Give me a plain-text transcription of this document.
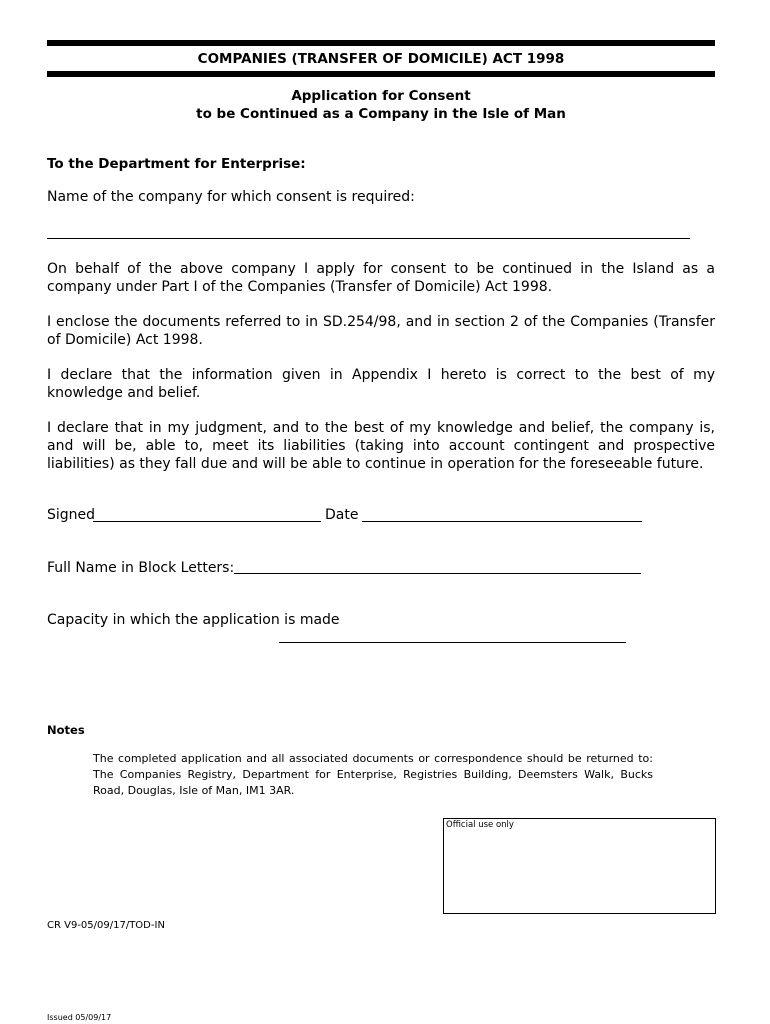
COMPANIES (TRANSFER OF DOMICILE) ACT 1998
Application for Consent
to be Continued as a Company in the Isle of Man
To the Department for Enterprise:
Name of the company for which consent is required:
On behalf of the above company I apply for consent to be continued in the Island as a company under Part I of the Companies (Transfer of Domicile) Act 1998.
I enclose the documents referred to in SD.254/98, and in section 2 of the Companies (Transfer of Domicile) Act 1998.
I declare that the information given in Appendix I hereto is correct to the best of my knowledge and belief.
I declare that in my judgment, and to the best of my knowledge and belief, the company is, and will be, able to, meet its liabilities (taking into account contingent and prospective liabilities) as they fall due and will be able to continue in operation for the foreseeable future.
Signed	Date
Full Name in Block Letters:
Capacity in which the application is made
Notes
The completed application and all associated documents or correspondence should be returned to: The Companies Registry, Department for Enterprise, Registries Building, Deemsters Walk, Bucks Road, Douglas, Isle of Man, IM1 3AR.
Official use only
CR V9-05/09/17/TOD-IN
Issued 05/09/17
